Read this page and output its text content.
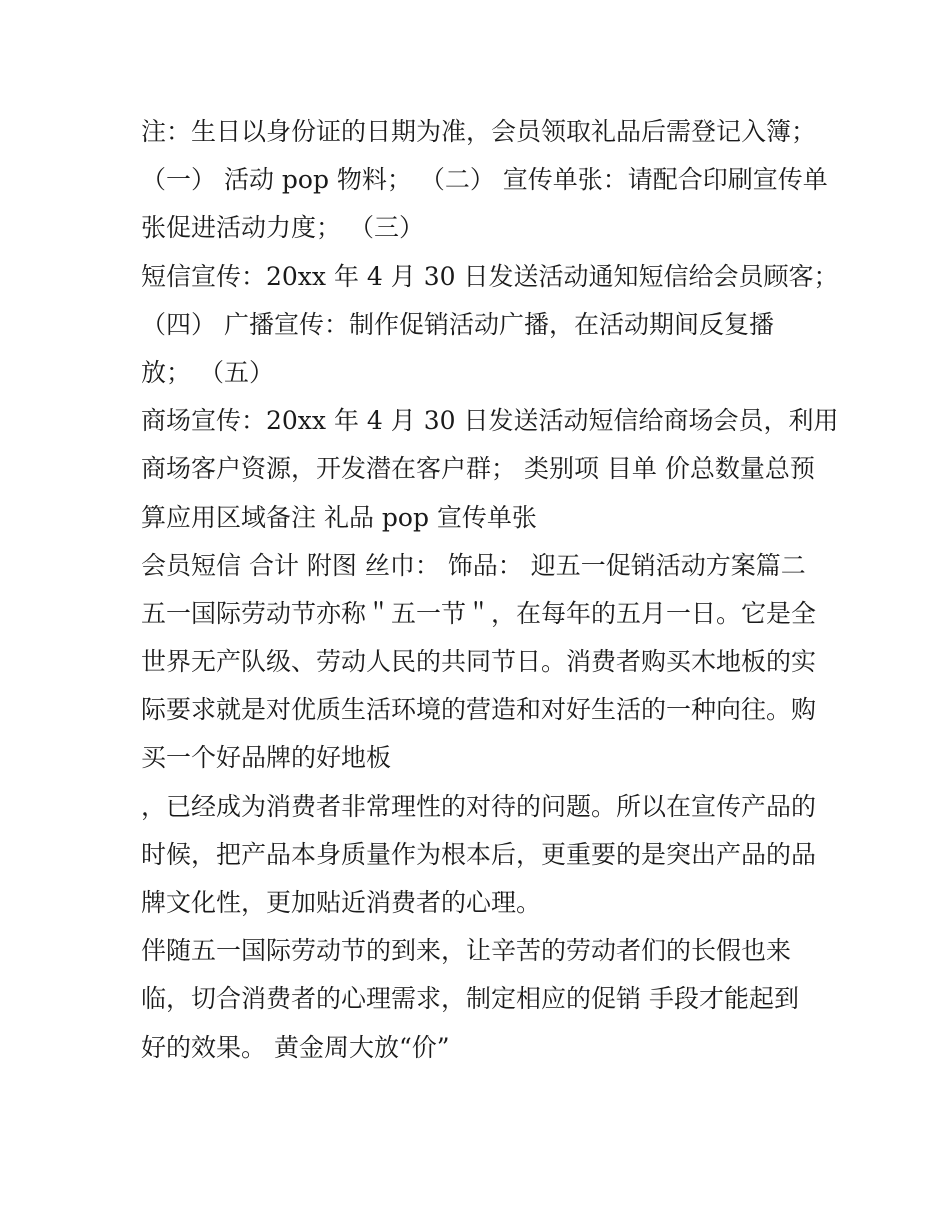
注：生日以身份证的日期为准，会员领取礼品后需登记入簿；
（一） 活动 pop 物料； （二） 宣传单张：请配合印刷宣传单
张促进活动力度； （三）
短信宣传：20xx 年 4 月 30 日发送活动通知短信给会员顾客；
（四） 广播宣传：制作促销活动广播，在活动期间反复播
放； （五）
商场宣传：20xx 年 4 月 30 日发送活动短信给商场会员，利用
商场客户资源，开发潜在客户群； 类别项 目单 价总数量总预
算应用区域备注 礼品 pop 宣传单张
会员短信 合计 附图 丝巾： 饰品： 迎五一促销活动方案篇二
五一国际劳动节亦称＂五一节＂，在每年的五月一日。它是全
世界无产队级、劳动人民的共同节日。消费者购买木地板的实
际要求就是对优质生活环境的营造和对好生活的一种向往。购
买一个好品牌的好地板
，已经成为消费者非常理性的对待的问题。所以在宣传产品的
时候，把产品本身质量作为根本后，更重要的是突出产品的品
牌文化性，更加贴近消费者的心理。
伴随五一国际劳动节的到来，让辛苦的劳动者们的长假也来
临，切合消费者的心理需求，制定相应的促销 手段才能起到
好的效果。 黄金周大放“价”
